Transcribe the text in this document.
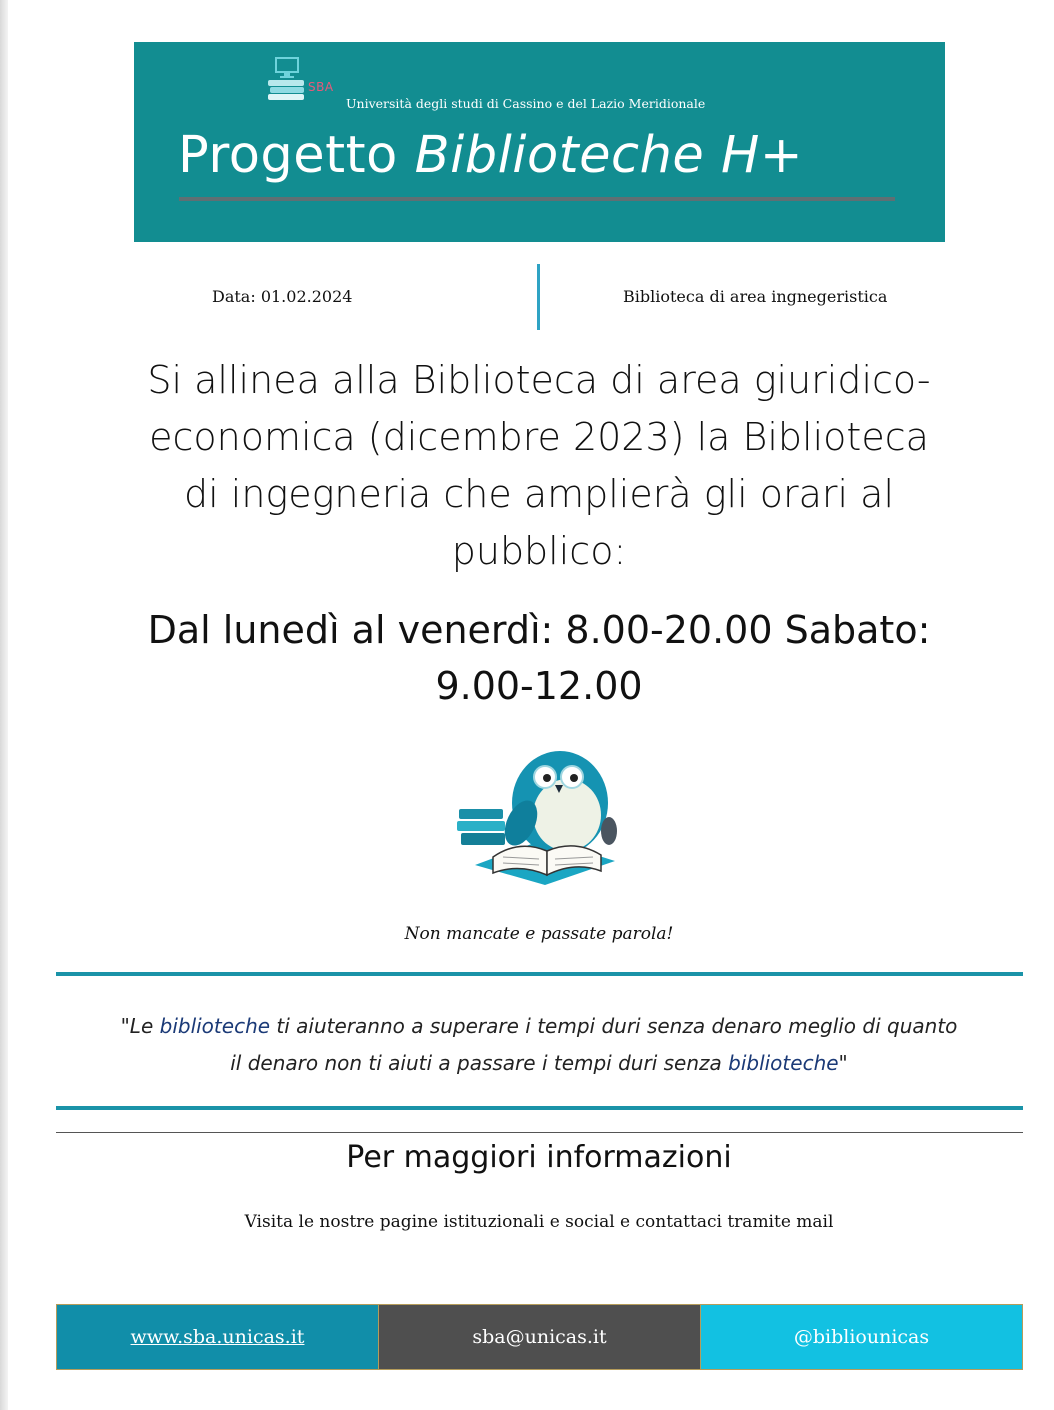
SBA
Università degli studi di Cassino e del Lazio Meridionale
Progetto Biblioteche H+
Data: 01.02.2024	Biblioteca di area ingnegeristica
Si allinea alla Biblioteca di area giuridico-
economica (dicembre 2023) la Biblioteca
di ingegneria che amplierà gli orari al
pubblico:
Dal lunedì al venerdì: 8.00-20.00 Sabato:
9.00-12.00
Non mancate e passate parola!
"Le biblioteche ti aiuteranno a superare i tempi duri senza denaro meglio di quanto
il denaro non ti aiuti a passare i tempi duri senza biblioteche"
Per maggiori informazioni
Visita le nostre pagine istituzionali e social e contattaci tramite mail
www.sba.unicas.it	sba@unicas.it	@bibliounicas
